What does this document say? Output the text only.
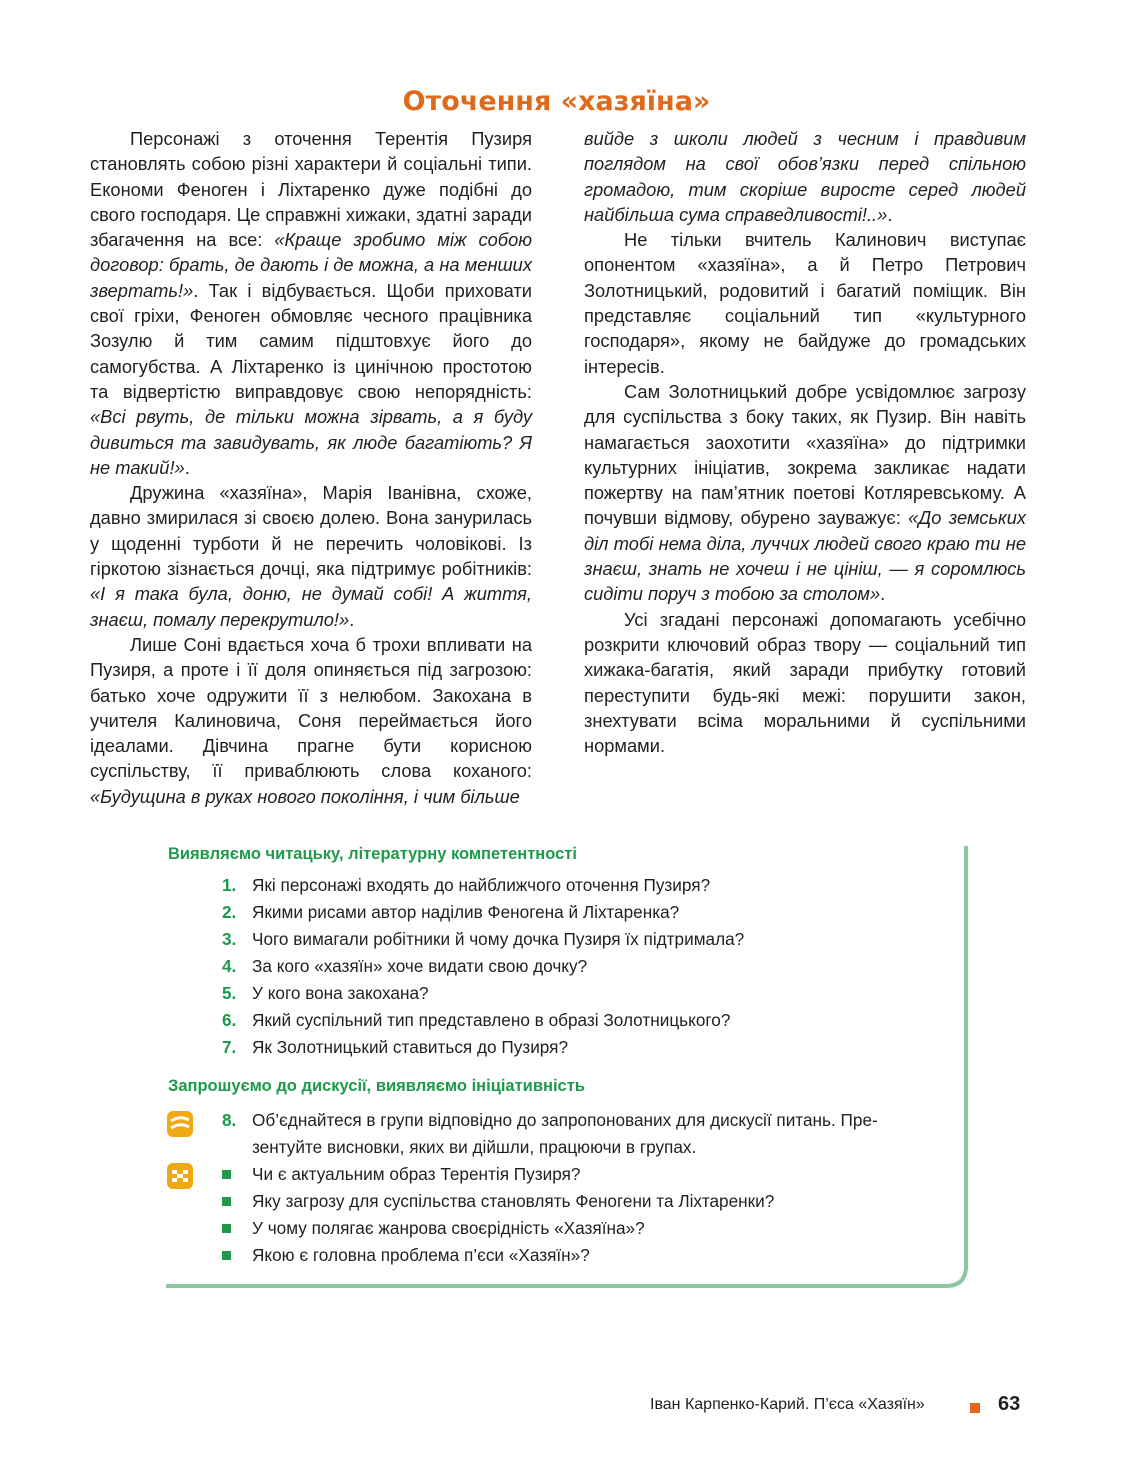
Оточення «хазяїна»

Персонажі з оточення Терентія Пузиря становлять собою різні характери й соціальні типи. Економи Феноген і Ліхтаренко дуже подібні до свого господаря. Це справжні хижаки, здатні заради збагачення на все: «Краще зробимо між собою договор: брать, де дають і де можна, а на менших звертать!». Так і відбувається. Щоби приховати свої гріхи, Феноген обмовляє чесного працівника Зозулю й тим самим підштовхує його до самогубства. А Ліхтаренко із цинічною простотою та відвертістю виправдовує свою непорядність: «Всі рвуть, де тільки можна зірвать, а я буду дивиться та завидувать, як люде багатіють? Я не такий!».

Дружина «хазяїна», Марія Іванівна, схоже, давно змирилася зі своєю долею. Вона занурилась у щоденні турботи й не перечить чоловікові. Із гіркотою зізнається дочці, яка підтримує робітників: «І я така була, доню, не думай собі! А життя, знаєш, помалу перекрутило!».

Лише Соні вдається хоча б трохи впливати на Пузиря, а проте і її доля опиняється під загрозою: батько хоче одружити її з нелюбом. Закохана в учителя Калиновича, Соня переймається його ідеалами. Дівчина прагне бути корисною суспільству, її приваблюють слова коханого: «Будущина в руках нового покоління, і чим більше

вийде з школи людей з чесним і правдивим поглядом на свої обов’язки перед спільною громадою, тим скоріше виросте серед людей найбільша сума справедливості!..».

Не тільки вчитель Калинович виступає опонентом «хазяїна», а й Петро Петрович Золотницький, родовитий і багатий поміщик. Він представляє соціальний тип «культурного господаря», якому не байдуже до громадських інтересів.

Сам Золотницький добре усвідомлює загрозу для суспільства з боку таких, як Пузир. Він навіть намагається заохотити «хазяїна» до підтримки культурних ініціатив, зокрема закликає надати пожертву на пам’ятник поетові Котляревському. А почувши відмову, обурено зауважує: «До земських діл тобі нема діла, луччих людей свого краю ти не знаєш, знать не хочеш і не цініш, — я соромлюсь сидіти поруч з тобою за столом».

Усі згадані персонажі допомагають усебічно розкрити ключовий образ твору — соціальний тип хижака-багатія, який заради прибутку готовий переступити будь-які межі: порушити закон, знехтувати всіма моральними й суспільними нормами.

Виявляємо читацьку, літературну компетентності
1. Які персонажі входять до найближчого оточення Пузиря?
2. Якими рисами автор наділив Феногена й Ліхтаренка?
3. Чого вимагали робітники й чому дочка Пузиря їх підтримала?
4. За кого «хазяїн» хоче видати свою дочку?
5. У кого вона закохана?
6. Який суспільний тип представлено в образі Золотницького?
7. Як Золотницький ставиться до Пузиря?
Запрошуємо до дискусії, виявляємо ініціативність
8. Об’єднайтеся в групи відповідно до запропонованих для дискусії питань. Пре-
зентуйте висновки, яких ви дійшли, працюючи в групах.
Чи є актуальним образ Терентія Пузиря?
Яку загрозу для суспільства становлять Феногени та Ліхтаренки?
У чому полягає жанрова своєрідність «Хазяїна»?
Якою є головна проблема п’єси «Хазяїн»?
Іван Карпенко-Карий. П’єса «Хазяїн»	63
